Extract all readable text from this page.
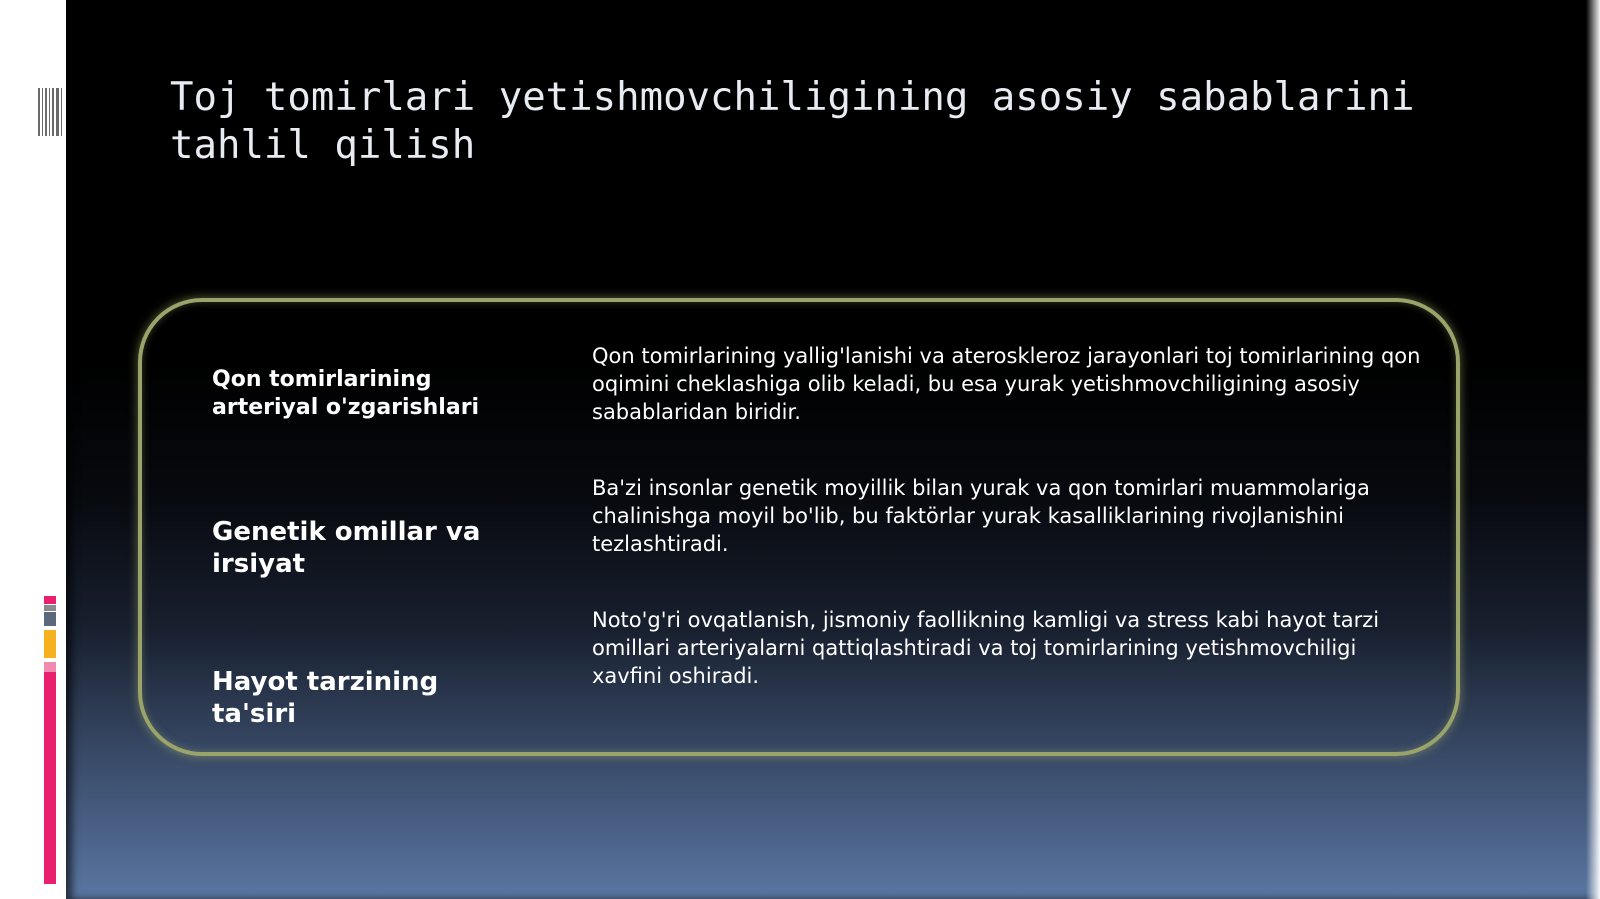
Toj tomirlari yetishmovchiligining asosiy sabablarini tahlil qilish
Qon tomirlarining arteriyal o'zgarishlari
Qon tomirlarining yallig'lanishi va ateroskleroz jarayonlari toj tomirlarining qon oqimini cheklashiga olib keladi, bu esa yurak yetishmovchiligining asosiy sabablaridan biridir.
Genetik omillar va irsiyat
Ba'zi insonlar genetik moyillik bilan yurak va qon tomirlari muammolariga chalinishga moyil bo'lib, bu faktörlar yurak kasalliklarining rivojlanishini tezlashtiradi.
Hayot tarzining ta'siri
Noto'g'ri ovqatlanish, jismoniy faollikning kamligi va stress kabi hayot tarzi omillari arteriyalarni qattiqlashtiradi va toj tomirlarining yetishmovchiligi xavfini oshiradi.
